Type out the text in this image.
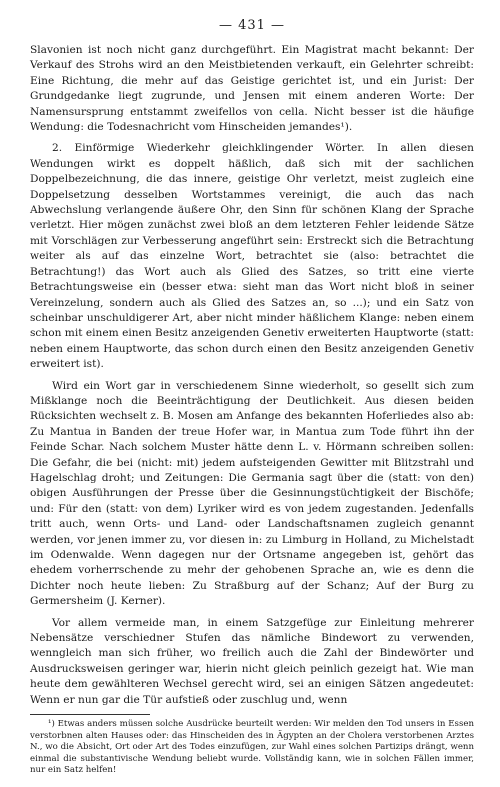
— 431 —

Slavonien ist noch nicht ganz durchgeführt. Ein Magistrat macht bekannt: Der Verkauf des Strohs wird an den Meistbietenden verkauft, ein Gelehrter schreibt: Eine Richtung, die mehr auf das Geistige gerichtet ist, und ein Jurist: Der Grundgedanke liegt zugrunde, und Jensen mit einem anderen Worte: Der Namensursprung entstammt zweifellos von cella. Nicht besser ist die häufige Wendung: die Todesnachricht vom Hinscheiden jemandes¹).

2. Einförmige Wiederkehr gleichklingender Wörter. In allen diesen Wendungen wirkt es doppelt häßlich, daß sich mit der sachlichen Doppelbezeichnung, die das innere, geistige Ohr verletzt, meist zugleich eine Doppelsetzung desselben Wortstammes vereinigt, die auch das nach Abwechslung verlangende äußere Ohr, den Sinn für schönen Klang der Sprache verletzt. Hier mögen zunächst zwei bloß an dem letzteren Fehler leidende Sätze mit Vorschlägen zur Verbesserung angeführt sein: Erstreckt sich die Betrachtung weiter als auf das einzelne Wort, betrachtet sie (also: betrachtet die Betrachtung!) das Wort auch als Glied des Satzes, so tritt eine vierte Betrachtungsweise ein (besser etwa: sieht man das Wort nicht bloß in seiner Vereinzelung, sondern auch als Glied des Satzes an, so ...); und ein Satz von scheinbar unschuldigerer Art, aber nicht minder häßlichem Klange: neben einem schon mit einem einen Besitz anzeigenden Genetiv erweiterten Hauptworte (statt: neben einem Hauptworte, das schon durch einen den Besitz anzeigenden Genetiv erweitert ist).

Wird ein Wort gar in verschiedenem Sinne wiederholt, so gesellt sich zum Mißklange noch die Beeinträchtigung der Deutlichkeit. Aus diesen beiden Rücksichten wechselt z. B. Mosen am Anfange des bekannten Hoferliedes also ab: Zu Mantua in Banden der treue Hofer war, in Mantua zum Tode führt ihn der Feinde Schar. Nach solchem Muster hätte denn L. v. Hörmann schreiben sollen: Die Gefahr, die bei (nicht: mit) jedem aufsteigenden Gewitter mit Blitzstrahl und Hagelschlag droht; und Zeitungen: Die Germania sagt über die (statt: von den) obigen Ausführungen der Presse über die Gesinnungstüchtigkeit der Bischöfe; und: Für den (statt: von dem) Lyriker wird es von jedem zugestanden. Jedenfalls tritt auch, wenn Orts- und Land- oder Landschaftsnamen zugleich genannt werden, vor jenen immer zu, vor diesen in: zu Limburg in Holland, zu Michelstadt im Odenwalde. Wenn dagegen nur der Ortsname angegeben ist, gehört das ehedem vorherrschende zu mehr der gehobenen Sprache an, wie es denn die Dichter noch heute lieben: Zu Straßburg auf der Schanz; Auf der Burg zu Germersheim (J. Kerner).

Vor allem vermeide man, in einem Satzgefüge zur Einleitung mehrerer Nebensätze verschiedner Stufen das nämliche Bindewort zu verwenden, wenngleich man sich früher, wo freilich auch die Zahl der Bindewörter und Ausdrucksweisen geringer war, hierin nicht gleich peinlich gezeigt hat. Wie man heute dem gewählteren Wechsel gerecht wird, sei an einigen Sätzen angedeutet: Wenn er nun gar die Tür aufstieß oder zuschlug und, wenn

¹) Etwas anders müssen solche Ausdrücke beurteilt werden: Wir melden den Tod unsers in Essen verstorbnen alten Hauses oder: das Hinscheiden des in Ägypten an der Cholera verstorbenen Arztes N., wo die Absicht, Ort oder Art des Todes einzufügen, zur Wahl eines solchen Partizips drängt, wenn einmal die substantivische Wendung beliebt wurde. Vollständig kann, wie in solchen Fällen immer, nur ein Satz helfen!
